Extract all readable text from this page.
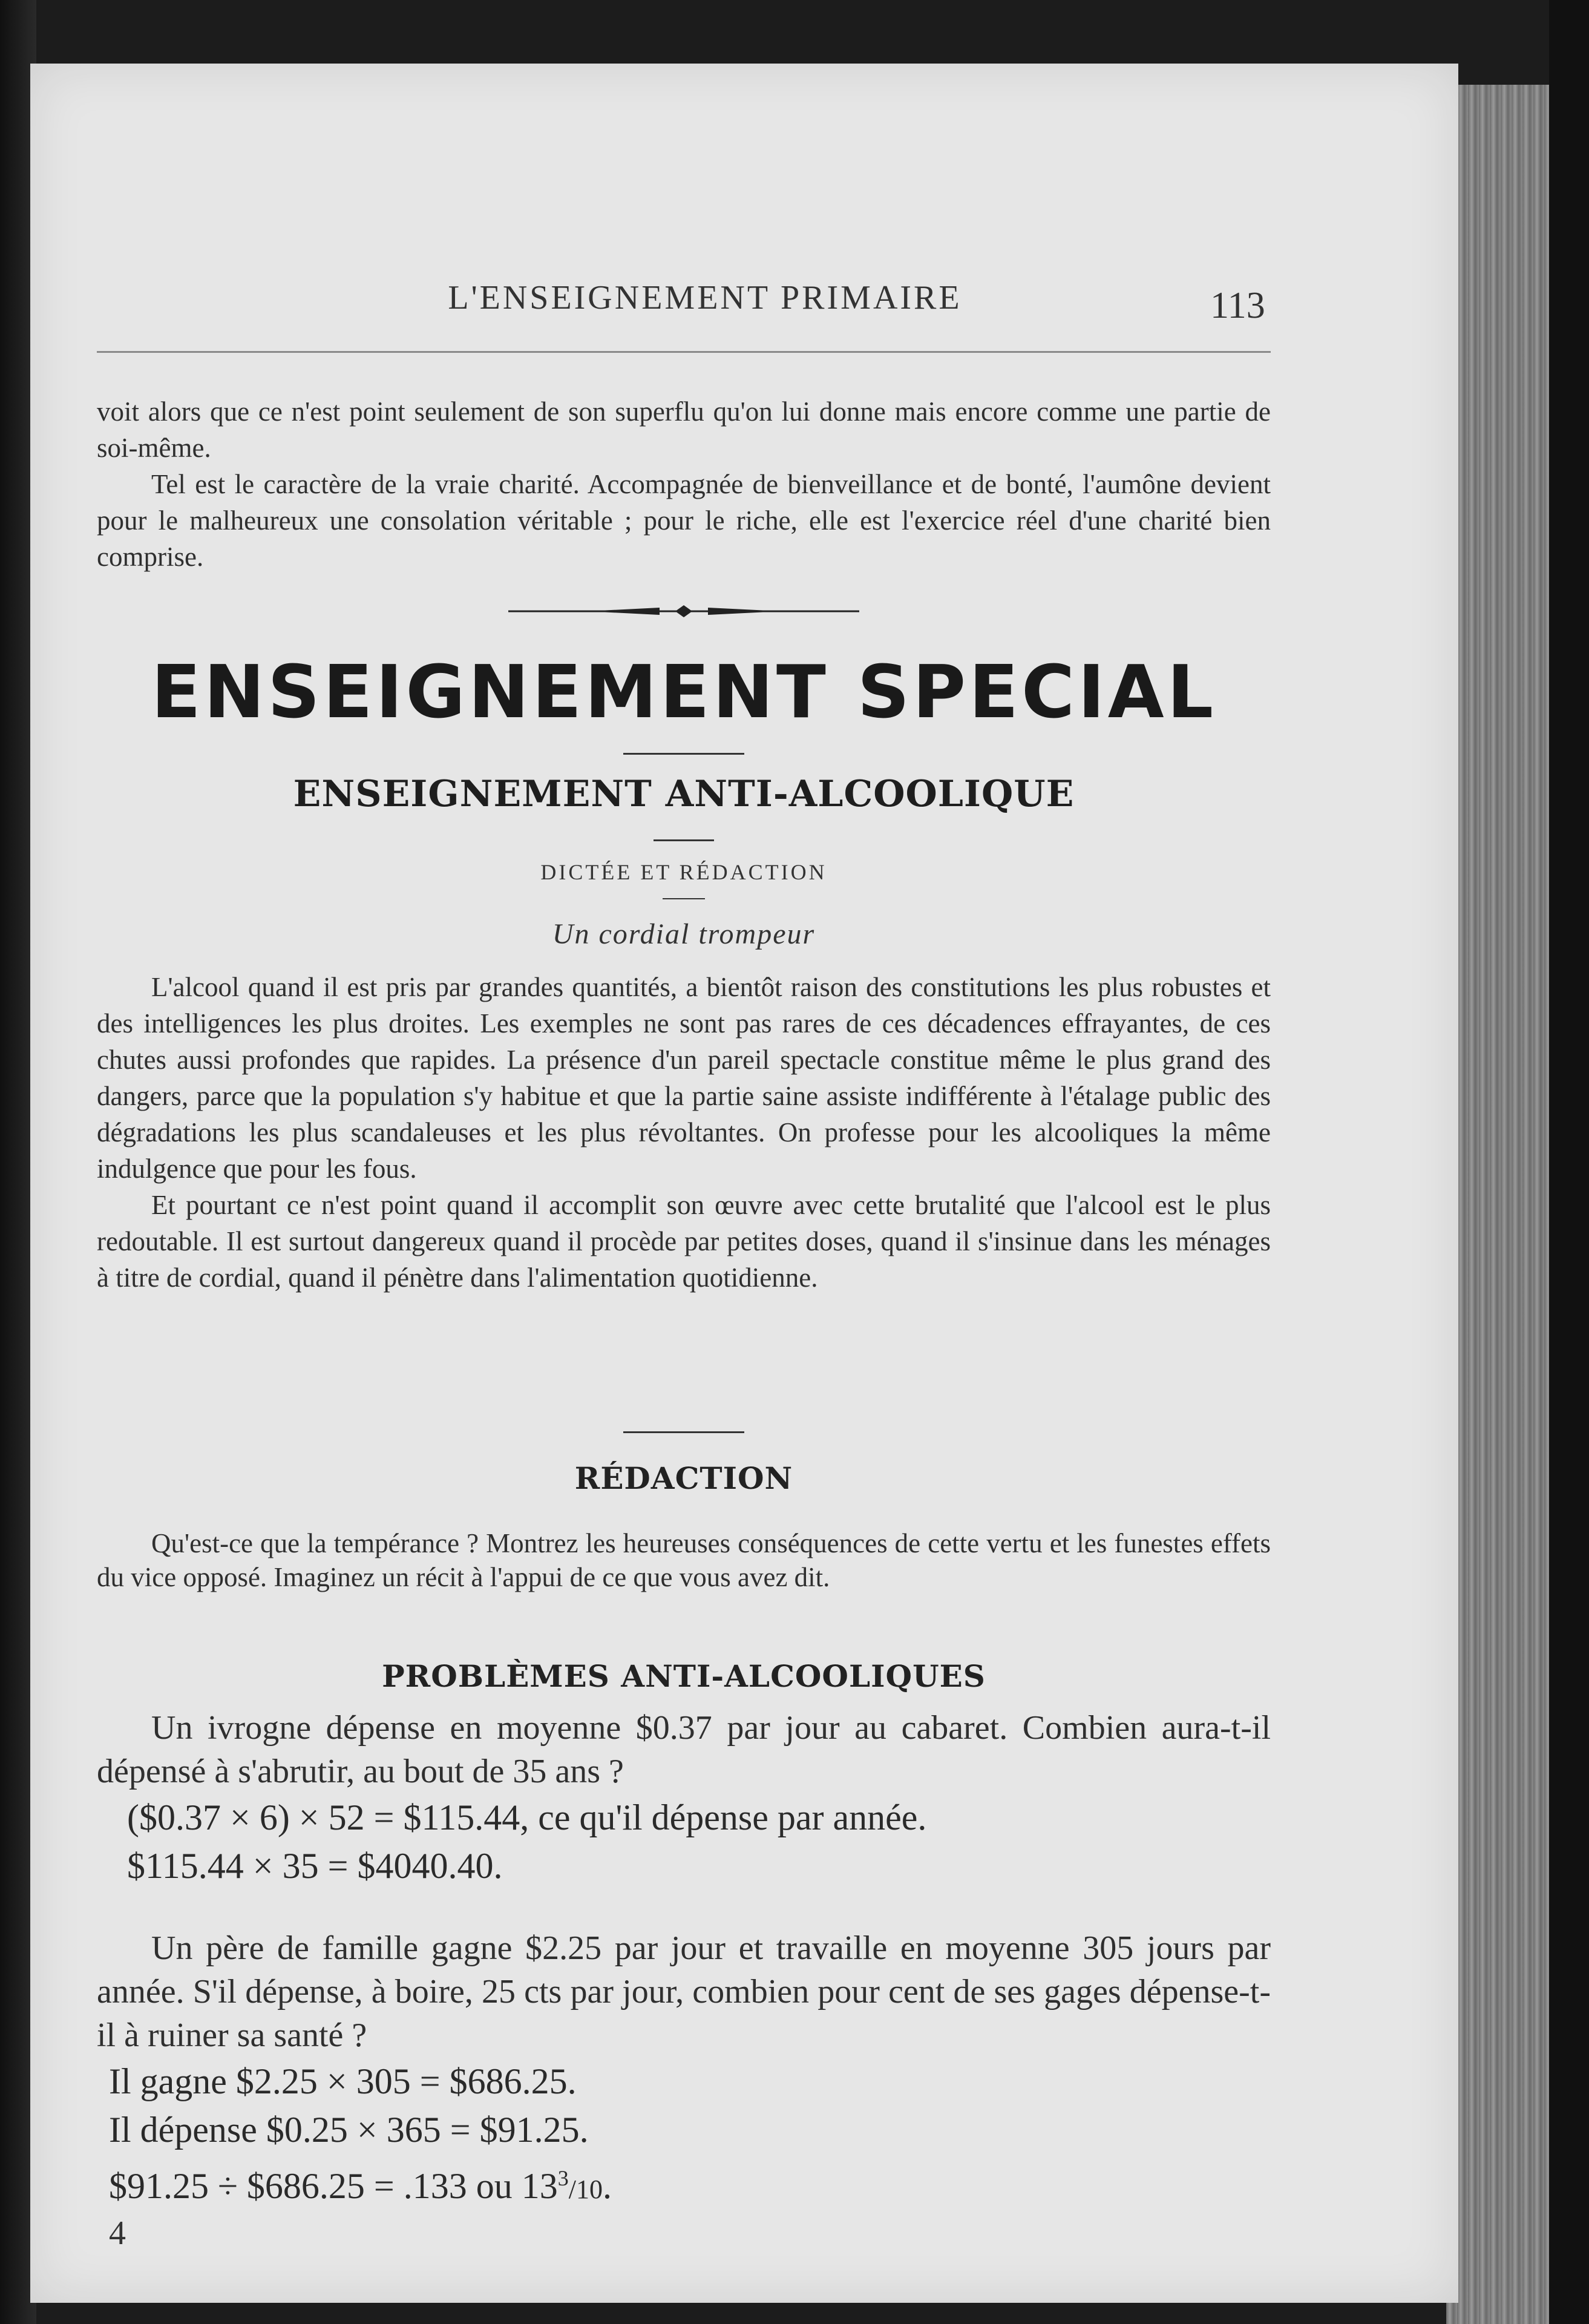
L'ENSEIGNEMENT PRIMAIRE	113

voit alors que ce n'est point seulement de son superflu qu'on lui donne mais encore comme une partie de soi-même.

Tel est le caractère de la vraie charité. Accompagnée de bienveillance et de bonté, l'aumône devient pour le malheureux une consolation véritable ; pour le riche, elle est l'exercice réel d'une charité bien comprise.

ENSEIGNEMENT SPECIAL
ENSEIGNEMENT ANTI-ALCOOLIQUE
DICTÉE ET RÉDACTION
Un cordial trompeur

L'alcool quand il est pris par grandes quantités, a bientôt raison des constitutions les plus robustes et des intelligences les plus droites. Les exemples ne sont pas rares de ces décadences effrayantes, de ces chutes aussi profondes que rapides. La présence d'un pareil spectacle constitue même le plus grand des dangers, parce que la population s'y habitue et que la partie saine assiste indifférente à l'étalage public des dégradations les plus scandaleuses et les plus révoltantes. On professe pour les alcooliques la même indulgence que pour les fous.

Et pourtant ce n'est point quand il accomplit son œuvre avec cette brutalité que l'alcool est le plus redoutable. Il est surtout dangereux quand il procède par petites doses, quand il s'insinue dans les ménages à titre de cordial, quand il pénètre dans l'alimentation quotidienne.

RÉDACTION

Qu'est-ce que la tempérance ? Montrez les heureuses conséquences de cette vertu et les funestes effets du vice opposé. Imaginez un récit à l'appui de ce que vous avez dit.

PROBLÈMES ANTI-ALCOOLIQUES

Un ivrogne dépense en moyenne $0.37 par jour au cabaret. Combien aura-t-il dépensé à s'abrutir, au bout de 35 ans ?

($0.37 × 6) × 52 = $115.44, ce qu'il dépense par année.
$115.44 × 35 = $4040.40.

Un père de famille gagne $2.25 par jour et travaille en moyenne 305 jours par année. S'il dépense, à boire, 25 cts par jour, combien pour cent de ses gages dépense-t-il à ruiner sa santé ?

Il gagne $2.25 × 305 = $686.25.
Il dépense $0.25 × 365 = $91.25.
$91.25 ÷ $686.25 = .133 ou $13^3/10$.
4
